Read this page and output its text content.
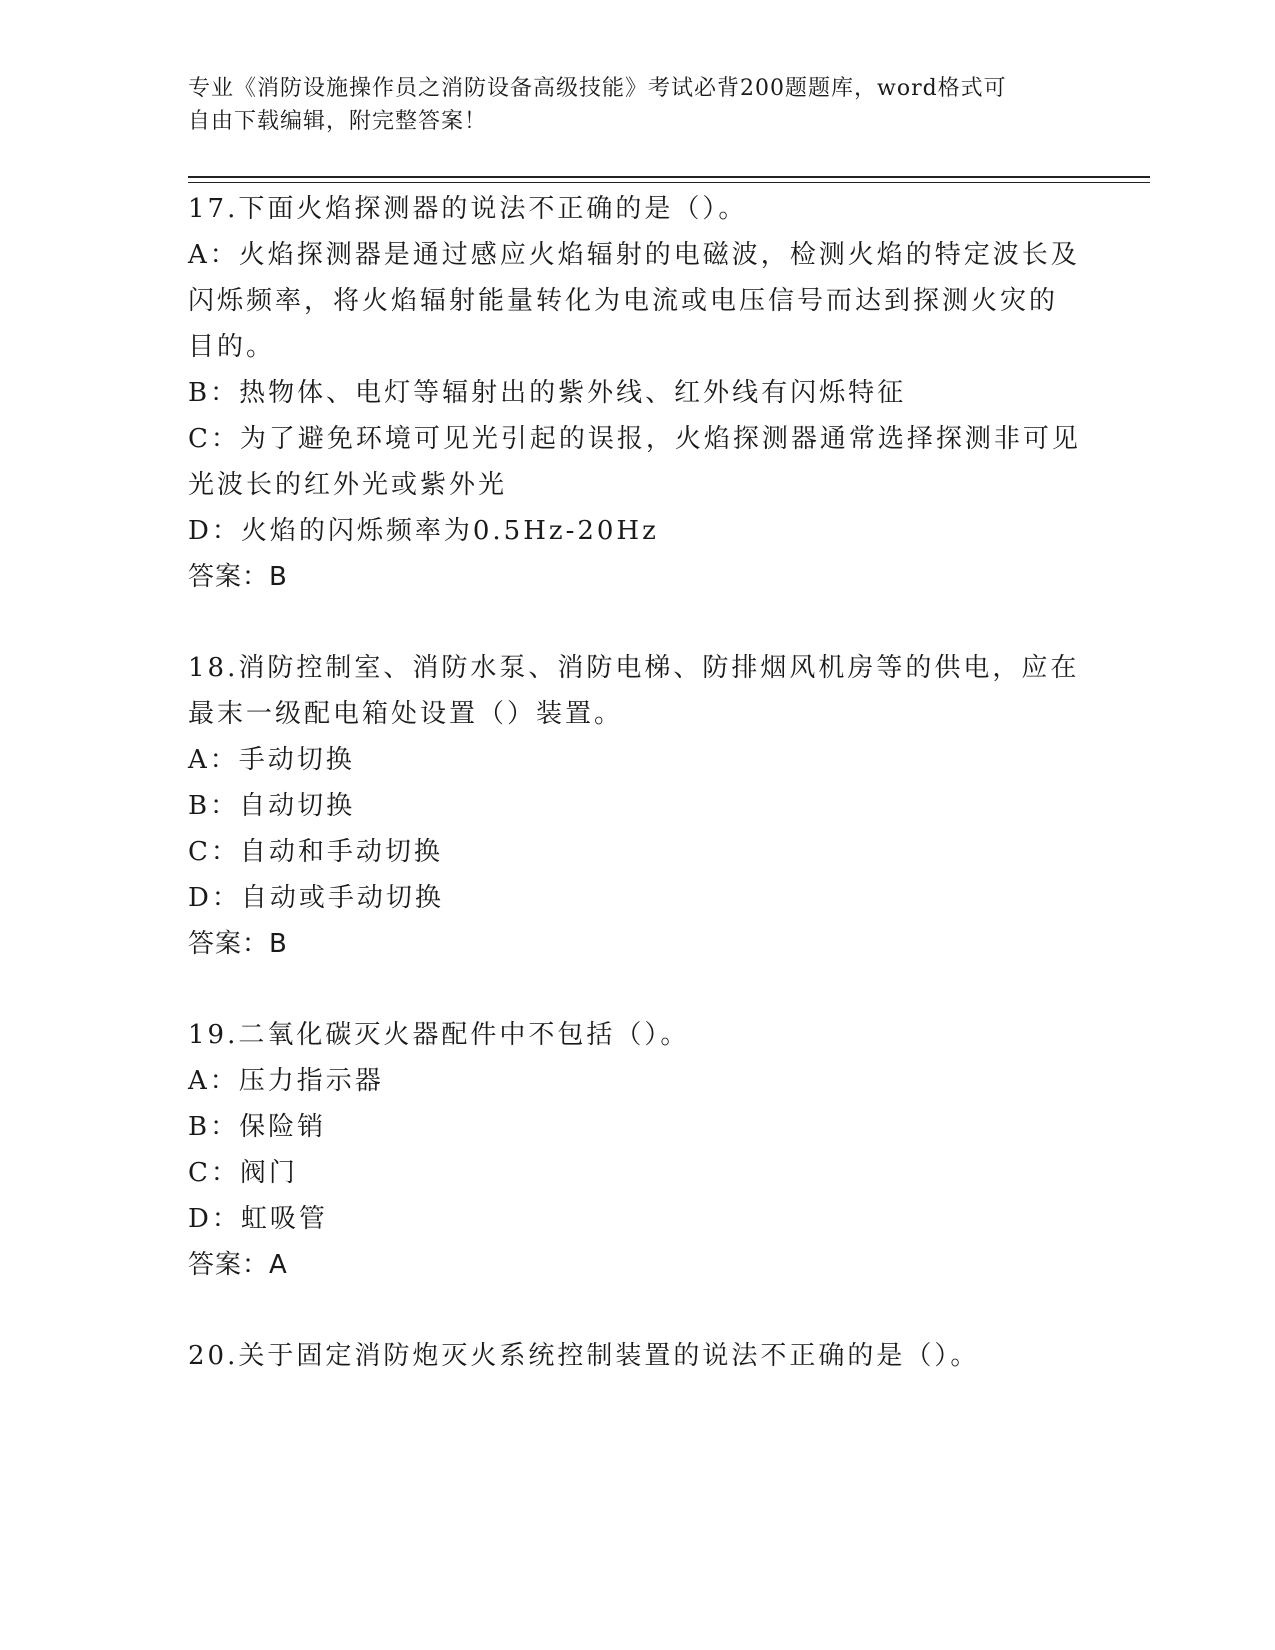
专业《消防设施操作员之消防设备高级技能》考试必背200题题库，word格式可
自由下载编辑，附完整答案！
17.下面火焰探测器的说法不正确的是（）。
A：火焰探测器是通过感应火焰辐射的电磁波，检测火焰的特定波长及
闪烁频率，将火焰辐射能量转化为电流或电压信号而达到探测火灾的
目的。
B：热物体、电灯等辐射出的紫外线、红外线有闪烁特征
C：为了避免环境可见光引起的误报，火焰探测器通常选择探测非可见
光波长的红外光或紫外光
D：火焰的闪烁频率为0.5Hz-20Hz
答案：B
18.消防控制室、消防水泵、消防电梯、防排烟风机房等的供电，应在
最末一级配电箱处设置（）装置。
A：手动切换
B：自动切换
C：自动和手动切换
D：自动或手动切换
答案：B
19.二氧化碳灭火器配件中不包括（）。
A：压力指示器
B：保险销
C：阀门
D：虹吸管
答案：A
20.关于固定消防炮灭火系统控制装置的说法不正确的是（）。
